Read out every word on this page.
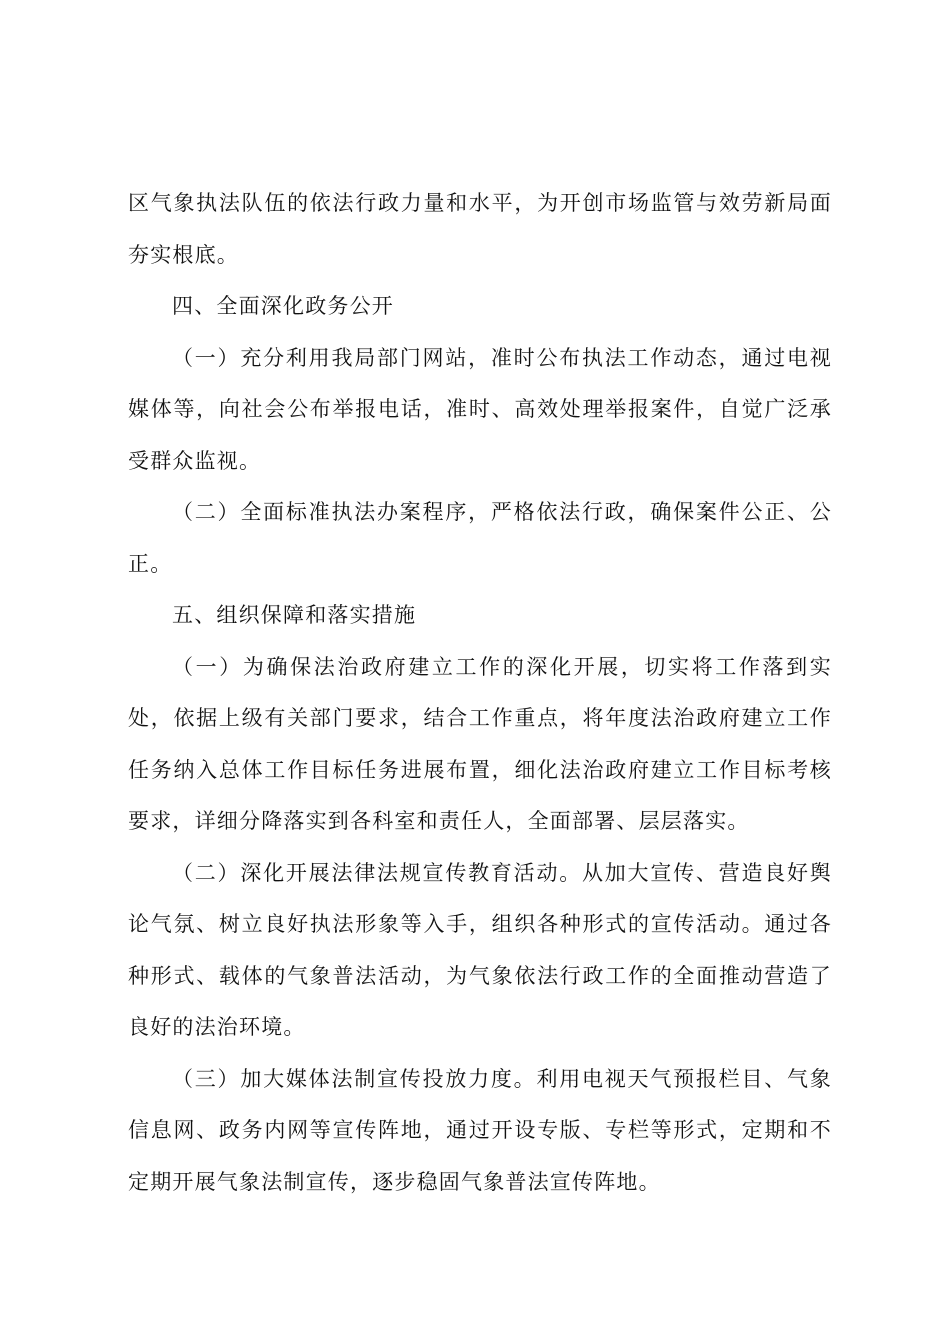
区气象执法队伍的依法行政力量和水平，为开创市场监管与效劳新局面夯实根底。

四、全面深化政务公开

（一）充分利用我局部门网站，准时公布执法工作动态，通过电视媒体等，向社会公布举报电话，准时、高效处理举报案件，自觉广泛承受群众监视。

（二）全面标准执法办案程序，严格依法行政，确保案件公正、公正。

五、组织保障和落实措施

（一）为确保法治政府建立工作的深化开展，切实将工作落到实处，依据上级有关部门要求，结合工作重点，将年度法治政府建立工作任务纳入总体工作目标任务进展布置，细化法治政府建立工作目标考核要求，详细分降落实到各科室和责任人，全面部署、层层落实。

（二）深化开展法律法规宣传教育活动。从加大宣传、营造良好舆论气氛、树立良好执法形象等入手，组织各种形式的宣传活动。通过各种形式、载体的气象普法活动，为气象依法行政工作的全面推动营造了良好的法治环境。

（三）加大媒体法制宣传投放力度。利用电视天气预报栏目、气象信息网、政务内网等宣传阵地，通过开设专版、专栏等形式，定期和不定期开展气象法制宣传，逐步稳固气象普法宣传阵地。
